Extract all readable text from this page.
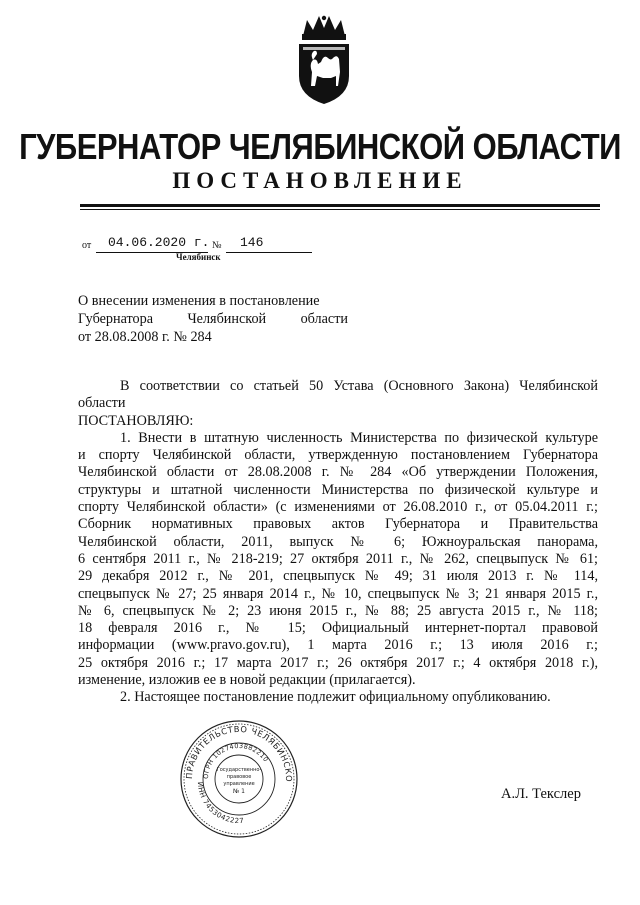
ГУБЕРНАТОР ЧЕЛЯБИНСКОЙ ОБЛАСТИ
ПОСТАНОВЛЕНИЕ
от 04.06.2020 г. № 146
Челябинск
О внесении изменения в постановление
Губернатора Челябинской области
от 28.08.2008 г. № 284

В соответствии со статьей 50 Устава (Основного Закона) Челябинской

области

ПОСТАНОВЛЯЮ:

1. Внести в штатную численность Министерства по физической культуре

и спорту Челябинской области, утвержденную постановлением Губернатора

Челябинской области от 28.08.2008 г. № 284 «Об утверждении Положения,

структуры и штатной численности Министерства по физической культуре и

спорту Челябинской области» (с изменениями от 26.08.2010 г., от 05.04.2011 г.;

Сборник нормативных правовых актов Губернатора и Правительства

Челябинской области, 2011, выпуск № 6; Южноуральская панорама,

6 сентября 2011 г., № 218-219; 27 октября 2011 г., № 262, спецвыпуск № 61;

29 декабря 2012 г., № 201, спецвыпуск № 49; 31 июля 2013 г. № 114,

спецвыпуск № 27; 25 января 2014 г., № 10, спецвыпуск № 3; 21 января 2015 г.,

№ 6, спецвыпуск № 2; 23 июня 2015 г., № 88; 25 августа 2015 г., № 118;

18 февраля 2016 г., № 15; Официальный интернет-портал правовой

информации (www.pravo.gov.ru), 1 марта 2016 г.; 13 июля 2016 г.;

25 октября 2016 г.; 17 марта 2017 г.; 26 октября 2017 г.; 4 октября 2018 г.),

изменение, изложив ее в новой редакции (прилагается).

2. Настоящее постановление подлежит официальному опубликованию.

ПРАВИТЕЛЬСТВО ЧЕЛЯБИНСКО
ИНН 7453042227
ОГРН 1027403882210
Государственно-
правовое
управление
№ 1	А.Л. Текслер
